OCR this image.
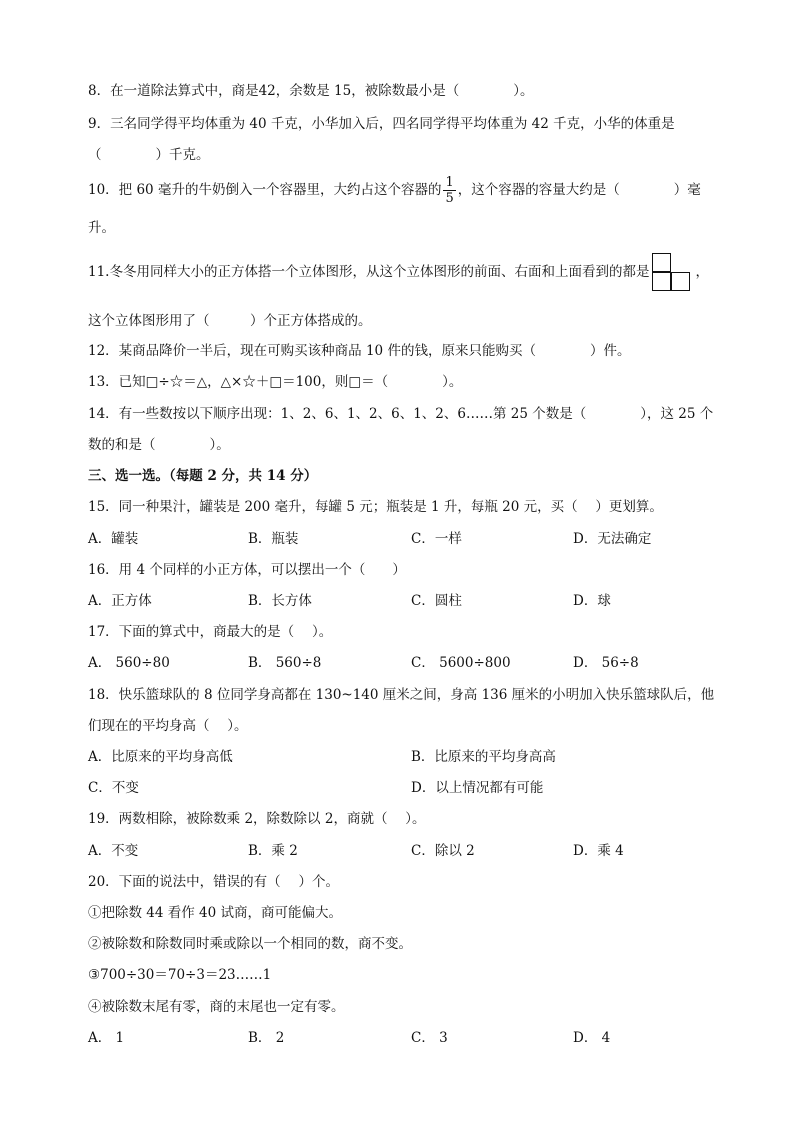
8．在一道除法算式中，商是42，余数是 15，被除数最小是（　　　　）。
9．三名同学得平均体重为 40 千克，小华加入后，四名同学得平均体重为 42 千克，小华的体重是
（　　　　）千克。
10．把 60 毫升的牛奶倒入一个容器里，大约占这个容器的 $\frac{1}{5}$ ，这个容器的容量大约是（　　　　）毫
升。
11.冬冬用同样大小的正方体搭一个立体图形，从这个立体图形的前面、右面和上面看到的都是	，
这个立体图形用了（　　　）个正方体搭成的。
12．某商品降价一半后，现在可购买该种商品 10 件的钱，原来只能购买（　　　　）件。
13．已知□÷☆＝△，△×☆＋□＝100，则□＝（　　　　）。
14．有一些数按以下顺序出现：1、2、6、1、2、6、1、2、6……第 25 个数是（　　　　），这 25 个
数的和是（　　　　）。
三、选一选。（每题 2 分，共 14 分）
15．同一种果汁，罐装是 200 毫升，每罐 5 元；瓶装是 1 升，每瓶 20 元，买（　 ）更划算。
A．罐装	B．瓶装	C．一样	D．无法确定
16．用 4 个同样的小正方体，可以摆出一个（　　）
A．正方体	B．长方体	C．圆柱	D．球
17．下面的算式中，商最大的是（　 ）。
A． 560÷80	B． 560÷8	C． 5600÷800	D． 56÷8
18．快乐篮球队的 8 位同学身高都在 130~140 厘米之间，身高 136 厘米的小明加入快乐篮球队后，他
们现在的平均身高（　 ）。
A．比原来的平均身高低	B．比原来的平均身高高
C．不变	D．以上情况都有可能
19．两数相除，被除数乘 2，除数除以 2，商就（　 ）。
A．不变	B．乘 2	C．除以 2	D．乘 4
20．下面的说法中，错误的有（　 ）个。
①把除数 44 看作 40 试商，商可能偏大。
②被除数和除数同时乘或除以一个相同的数，商不变。
③700÷30＝70÷3＝23……1
④被除数末尾有零，商的末尾也一定有零。
A． 1	B． 2	C． 3	D． 4
